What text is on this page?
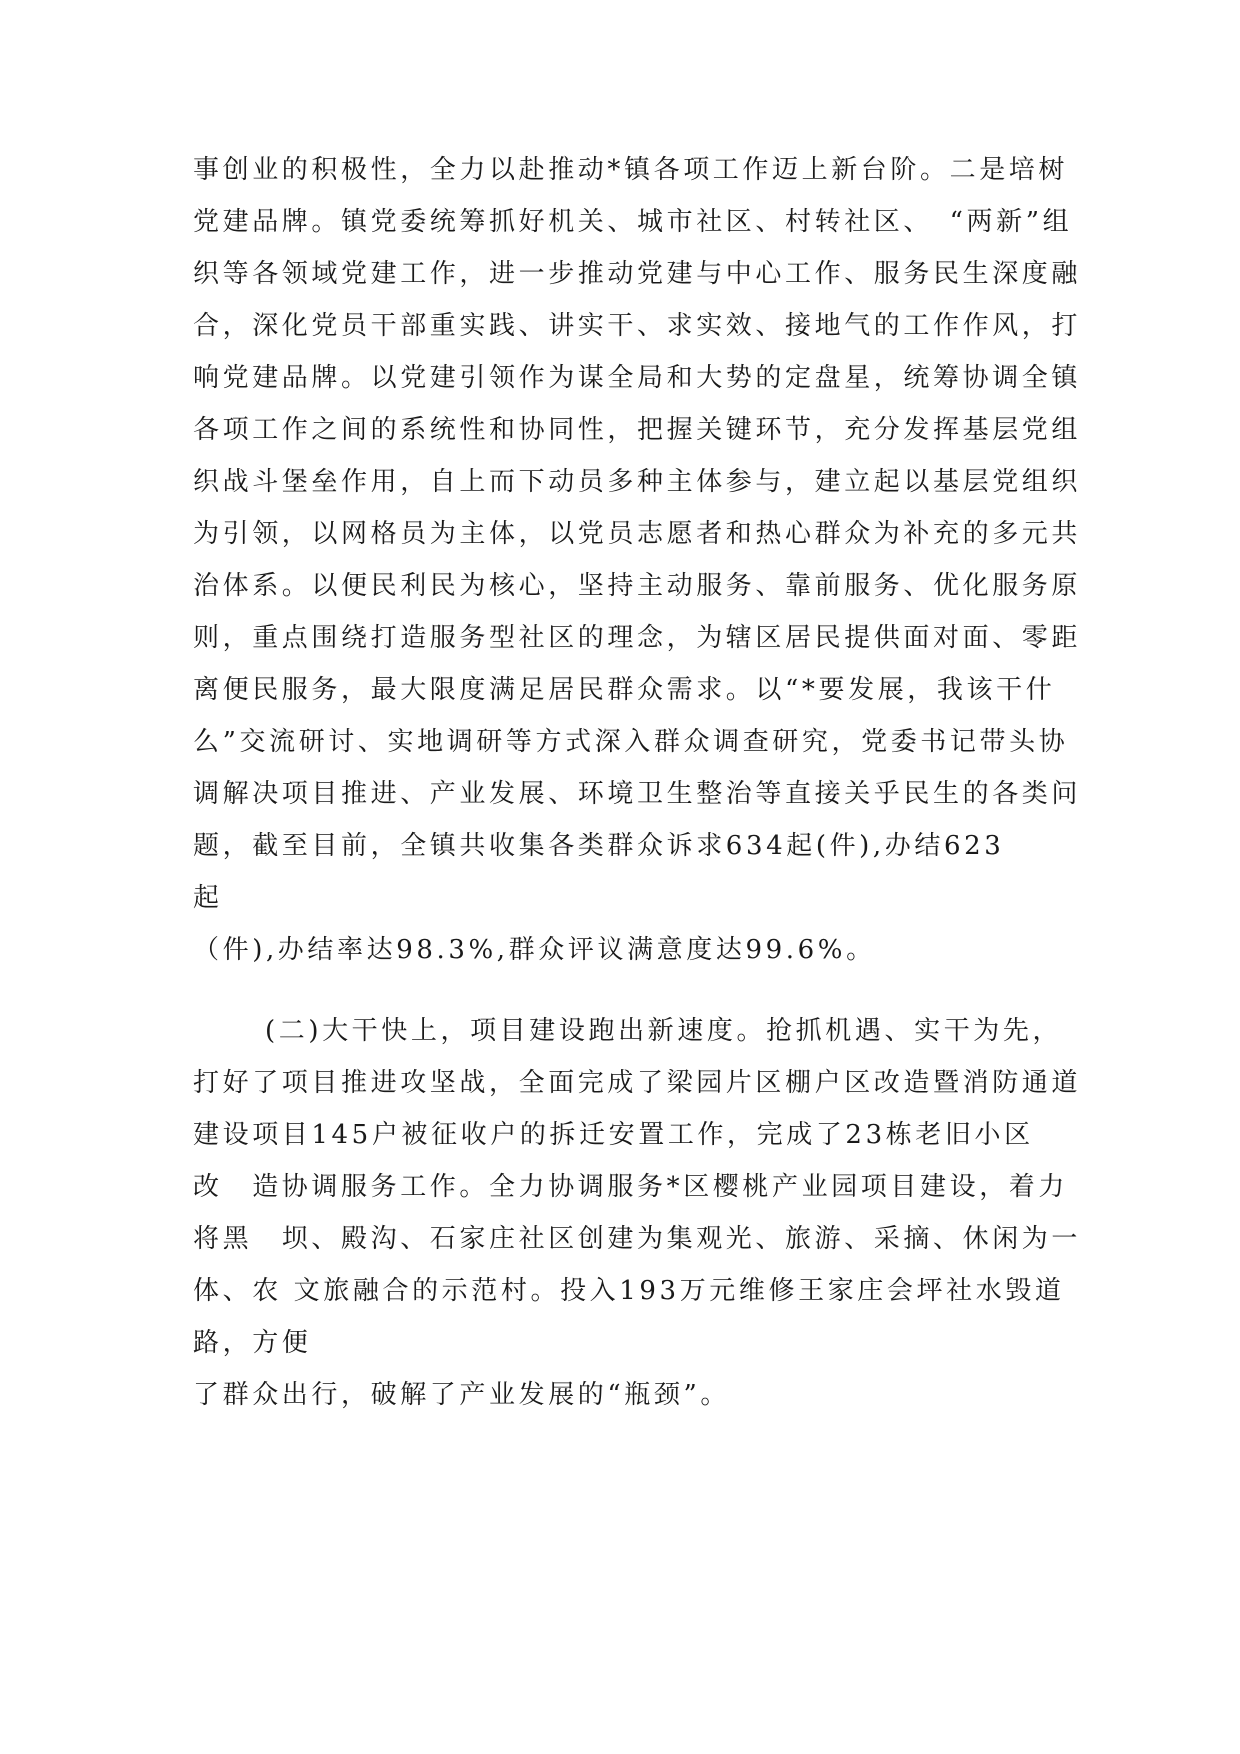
事创业的积极性，全力以赴推动*镇各项工作迈上新台阶。二是培树
党建品牌。镇党委统筹抓好机关、城市社区、村转社区、　“两新”组
织等各领域党建工作，进一步推动党建与中心工作、服务民生深度融
合，深化党员干部重实践、讲实干、求实效、接地气的工作作风，打
响党建品牌。以党建引领作为谋全局和大势的定盘星，统筹协调全镇
各项工作之间的系统性和协同性，把握关键环节，充分发挥基层党组
织战斗堡垒作用，自上而下动员多种主体参与，建立起以基层党组织
为引领，以网格员为主体，以党员志愿者和热心群众为补充的多元共
治体系。以便民利民为核心，坚持主动服务、靠前服务、优化服务原
则，重点围绕打造服务型社区的理念，为辖区居民提供面对面、零距
离便民服务，最大限度满足居民群众需求。以“*要发展，我该干什
么”交流研讨、实地调研等方式深入群众调查研究，党委书记带头协
调解决项目推进、产业发展、环境卫生整治等直接关乎民生的各类问
题，截至目前，全镇共收集各类群众诉求634起(件),办结623
起
（件),办结率达98.3%,群众评议满意度达99.6%。
(二)大干快上，项目建设跑出新速度。抢抓机遇、实干为先，
打好了项目推进攻坚战，全面完成了梁园片区棚户区改造暨消防通道
建设项目145户被征收户的拆迁安置工作，完成了23栋老旧小区
改　造协调服务工作。全力协调服务*区樱桃产业园项目建设，着力
将黑　坝、殿沟、石家庄社区创建为集观光、旅游、采摘、休闲为一
体、农 文旅融合的示范村。投入193万元维修王家庄会坪社水毁道
路，方便
了群众出行，破解了产业发展的“瓶颈”。
